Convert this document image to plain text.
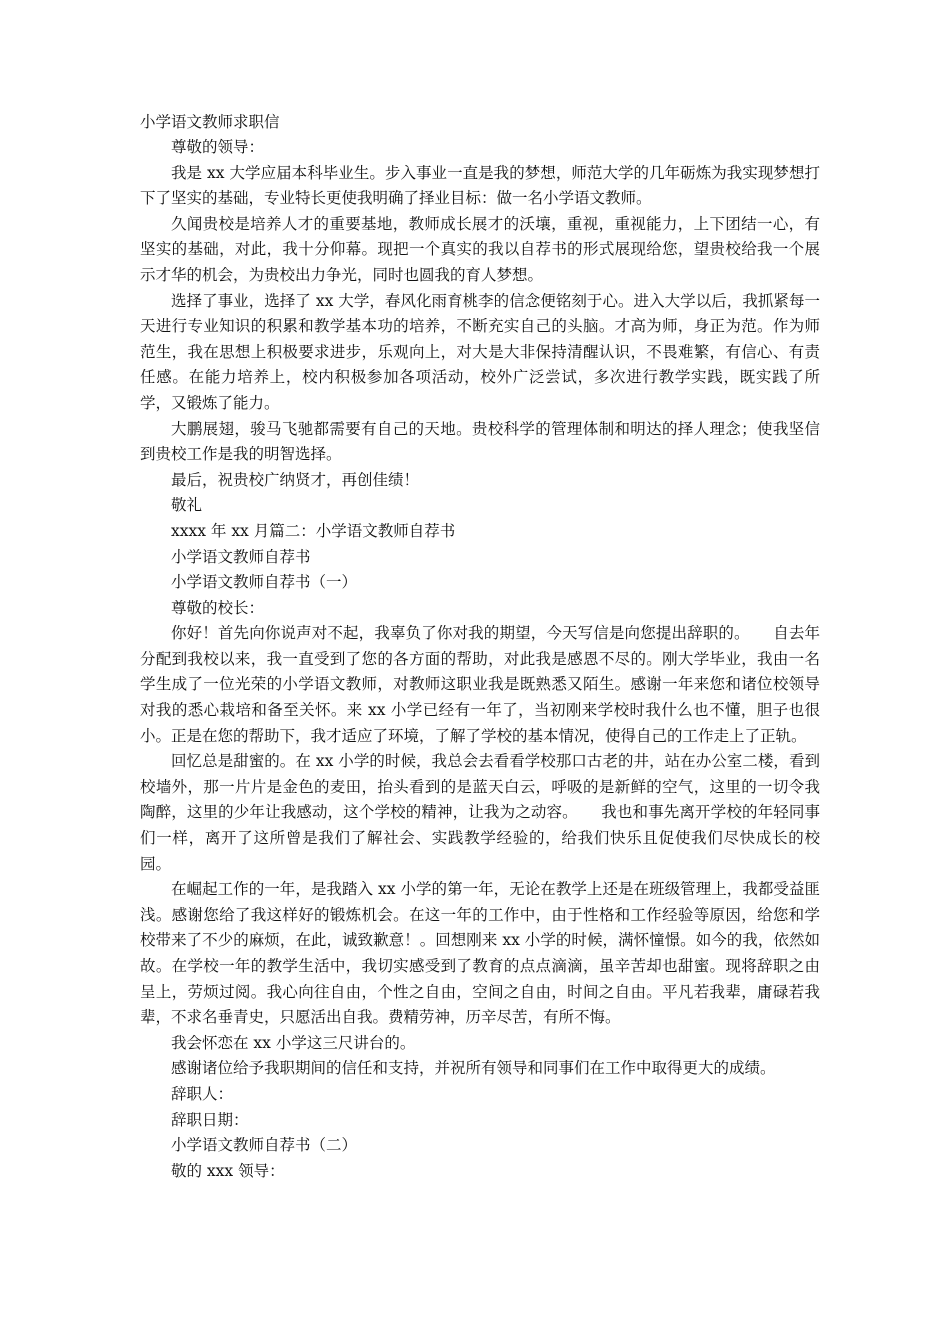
小学语文教师求职信

尊敬的领导：

我是 xx 大学应届本科毕业生。步入事业一直是我的梦想，师范大学的几年砺炼为我实现梦想打下了坚实的基础，专业特长更使我明确了择业目标：做一名小学语文教师。

久闻贵校是培养人才的重要基地，教师成长展才的沃壤，重视，重视能力，上下团结一心，有坚实的基础，对此，我十分仰幕。现把一个真实的我以自荐书的形式展现给您，望贵校给我一个展示才华的机会，为贵校出力争光，同时也圆我的育人梦想。

选择了事业，选择了 xx 大学，春风化雨育桃李的信念便铭刻于心。进入大学以后，我抓紧每一天进行专业知识的积累和教学基本功的培养，不断充实自己的头脑。才高为师，身正为范。作为师范生，我在思想上积极要求进步，乐观向上，对大是大非保持清醒认识，不畏难繁，有信心、有责任感。在能力培养上，校内积极参加各项活动，校外广泛尝试，多次进行教学实践，既实践了所学，又锻炼了能力。

大鹏展翅，骏马飞驰都需要有自己的天地。贵校科学的管理体制和明达的择人理念；使我坚信到贵校工作是我的明智选择。

最后，祝贵校广纳贤才，再创佳绩！

敬礼

xxxx 年 xx 月篇二：小学语文教师自荐书

小学语文教师自荐书

小学语文教师自荐书（一）

尊敬的校长：

你好！首先向你说声对不起，我辜负了你对我的期望，今天写信是向您提出辞职的。　　自去年分配到我校以来，我一直受到了您的各方面的帮助，对此我是感恩不尽的。刚大学毕业，我由一名学生成了一位光荣的小学语文教师，对教师这职业我是既熟悉又陌生。感谢一年来您和诸位校领导对我的悉心栽培和备至关怀。来 xx 小学已经有一年了，当初刚来学校时我什么也不懂，胆子也很小。正是在您的帮助下，我才适应了环境，了解了学校的基本情况，使得自己的工作走上了正轨。

回忆总是甜蜜的。在 xx 小学的时候，我总会去看看学校那口古老的井，站在办公室二楼，看到校墙外，那一片片是金色的麦田，抬头看到的是蓝天白云，呼吸的是新鲜的空气，这里的一切令我陶醉，这里的少年让我感动，这个学校的精神，让我为之动容。　　我也和事先离开学校的年轻同事们一样，离开了这所曾是我们了解社会、实践教学经验的，给我们快乐且促使我们尽快成长的校园。

在崛起工作的一年，是我踏入 xx 小学的第一年，无论在教学上还是在班级管理上，我都受益匪浅。感谢您给了我这样好的锻炼机会。在这一年的工作中，由于性格和工作经验等原因，给您和学校带来了不少的麻烦，在此，诚致歉意！。回想刚来 xx 小学的时候，满怀憧憬。如今的我，依然如故。在学校一年的教学生活中，我切实感受到了教育的点点滴滴，虽辛苦却也甜蜜。现将辞职之由呈上，劳烦过阅。我心向往自由，个性之自由，空间之自由，时间之自由。平凡若我辈，庸碌若我辈，不求名垂青史，只愿活出自我。费精劳神，历辛尽苦，有所不悔。

我会怀恋在 xx 小学这三尺讲台的。

感谢诸位给予我职期间的信任和支持，并祝所有领导和同事们在工作中取得更大的成绩。

辞职人：

辞职日期：

小学语文教师自荐书（二）

敬的 xxx 领导：
